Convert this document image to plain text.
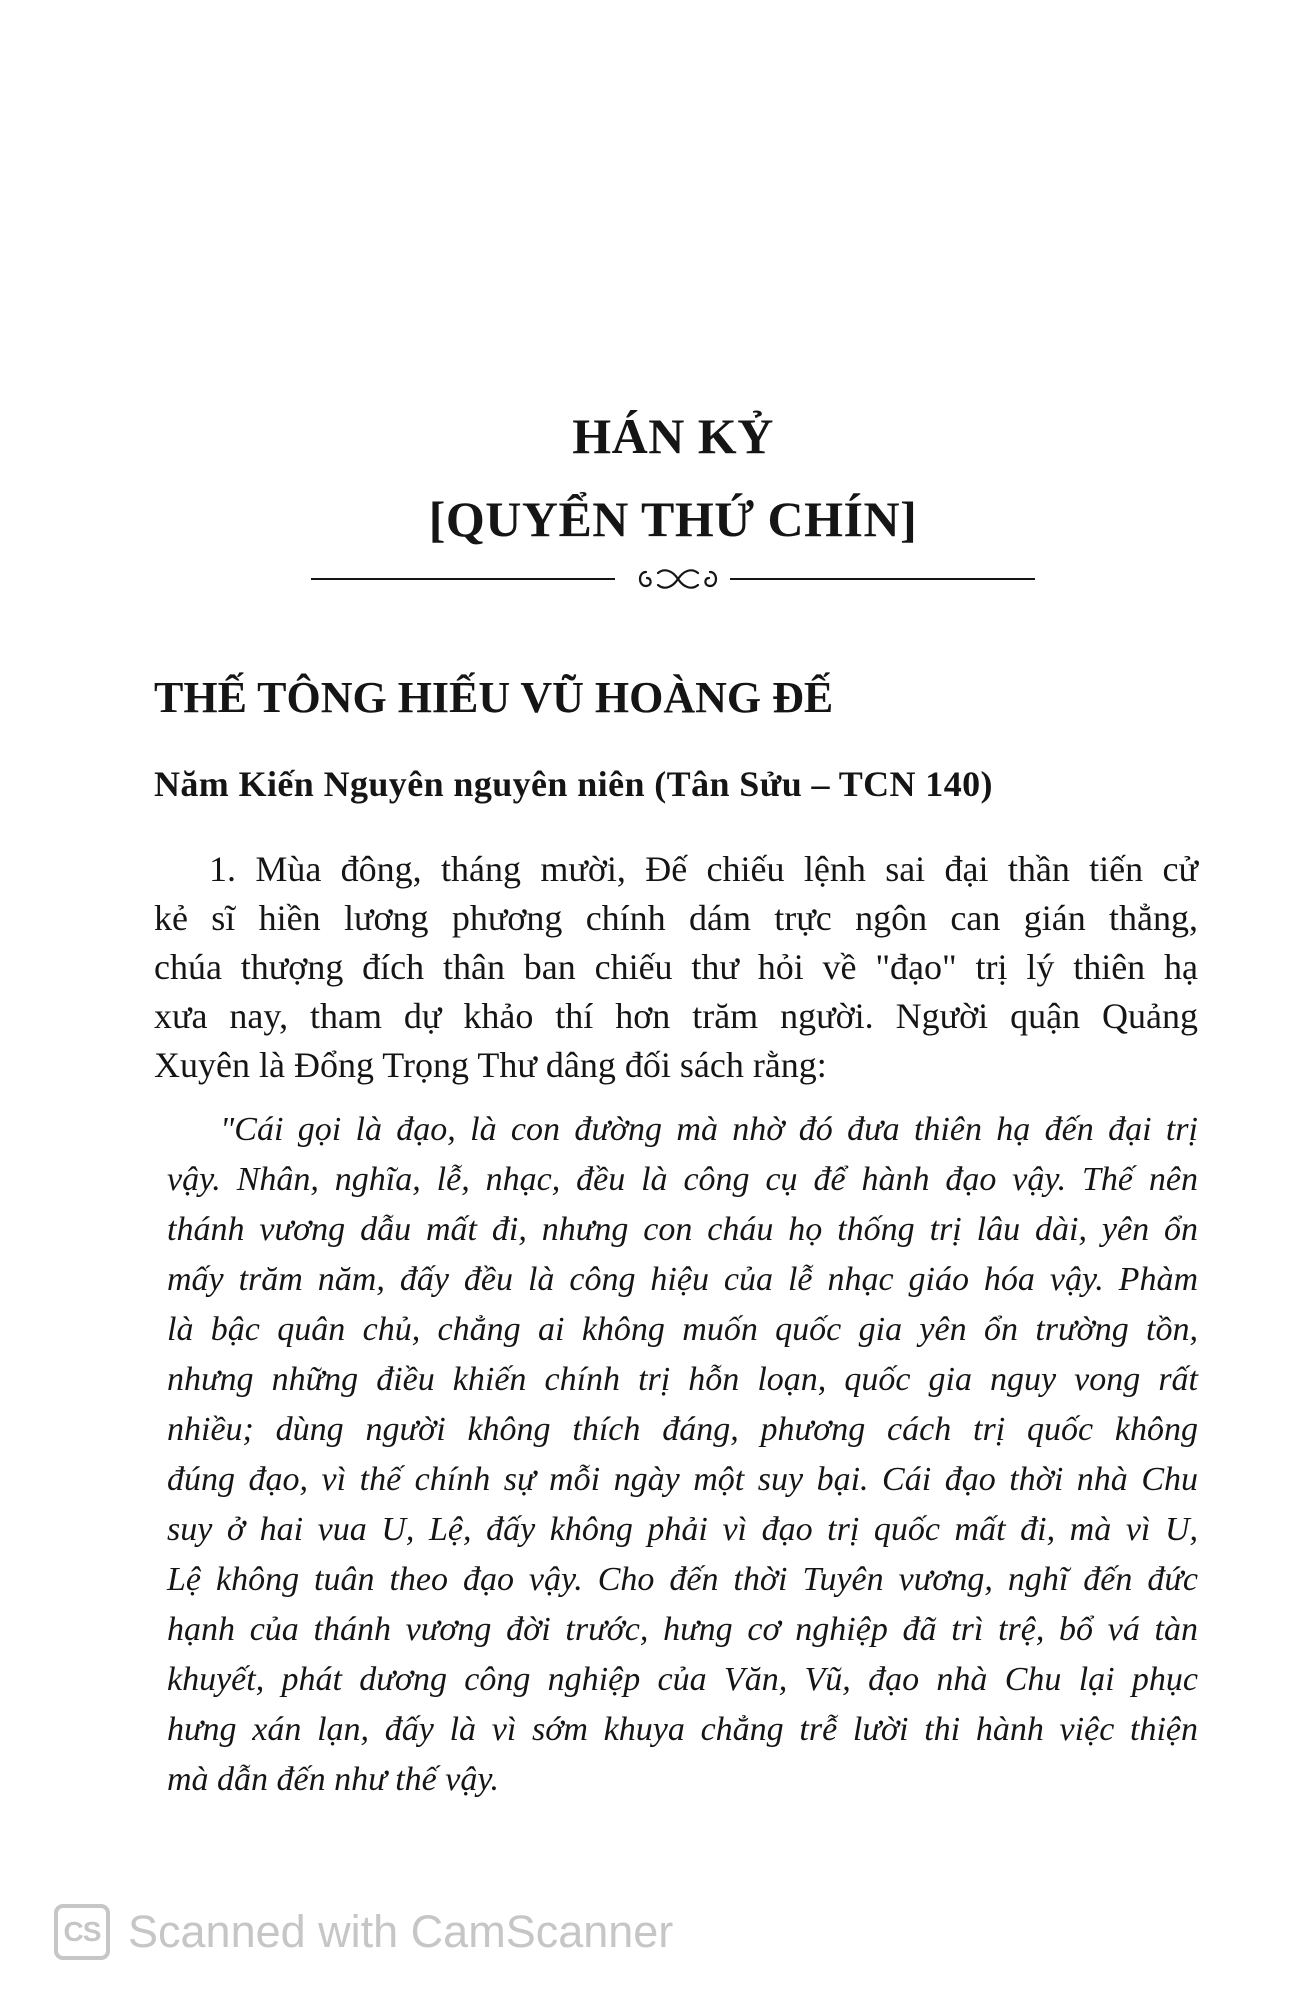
HÁN KỶ
[QUYỂN THỨ CHÍN]
THẾ TÔNG HIẾU VŨ HOÀNG ĐẾ
Năm Kiến Nguyên nguyên niên (Tân Sửu – TCN 140)
1. Mùa đông, tháng mười, Đế chiếu lệnh sai đại thần tiến cử
kẻ sĩ hiền lương phương chính dám trực ngôn can gián thẳng,
chúa thượng đích thân ban chiếu thư hỏi về "đạo" trị lý thiên hạ
xưa nay, tham dự khảo thí hơn trăm người. Người quận Quảng
Xuyên là Đổng Trọng Thư dâng đối sách rằng:
"Cái gọi là đạo, là con đường mà nhờ đó đưa thiên hạ đến đại trị
vậy. Nhân, nghĩa, lễ, nhạc, đều là công cụ để hành đạo vậy. Thế nên
thánh vương dẫu mất đi, nhưng con cháu họ thống trị lâu dài, yên ổn
mấy trăm năm, đấy đều là công hiệu của lễ nhạc giáo hóa vậy. Phàm
là bậc quân chủ, chẳng ai không muốn quốc gia yên ổn trường tồn,
nhưng những điều khiến chính trị hỗn loạn, quốc gia nguy vong rất
nhiều; dùng người không thích đáng, phương cách trị quốc không
đúng đạo, vì thế chính sự mỗi ngày một suy bại. Cái đạo thời nhà Chu
suy ở hai vua U, Lệ, đấy không phải vì đạo trị quốc mất đi, mà vì U,
Lệ không tuân theo đạo vậy. Cho đến thời Tuyên vương, nghĩ đến đức
hạnh của thánh vương đời trước, hưng cơ nghiệp đã trì trệ, bổ vá tàn
khuyết, phát dương công nghiệp của Văn, Vũ, đạo nhà Chu lại phục
hưng xán lạn, đấy là vì sớm khuya chẳng trễ lười thi hành việc thiện
mà dẫn đến như thế vậy.
CS Scanned with CamScanner
